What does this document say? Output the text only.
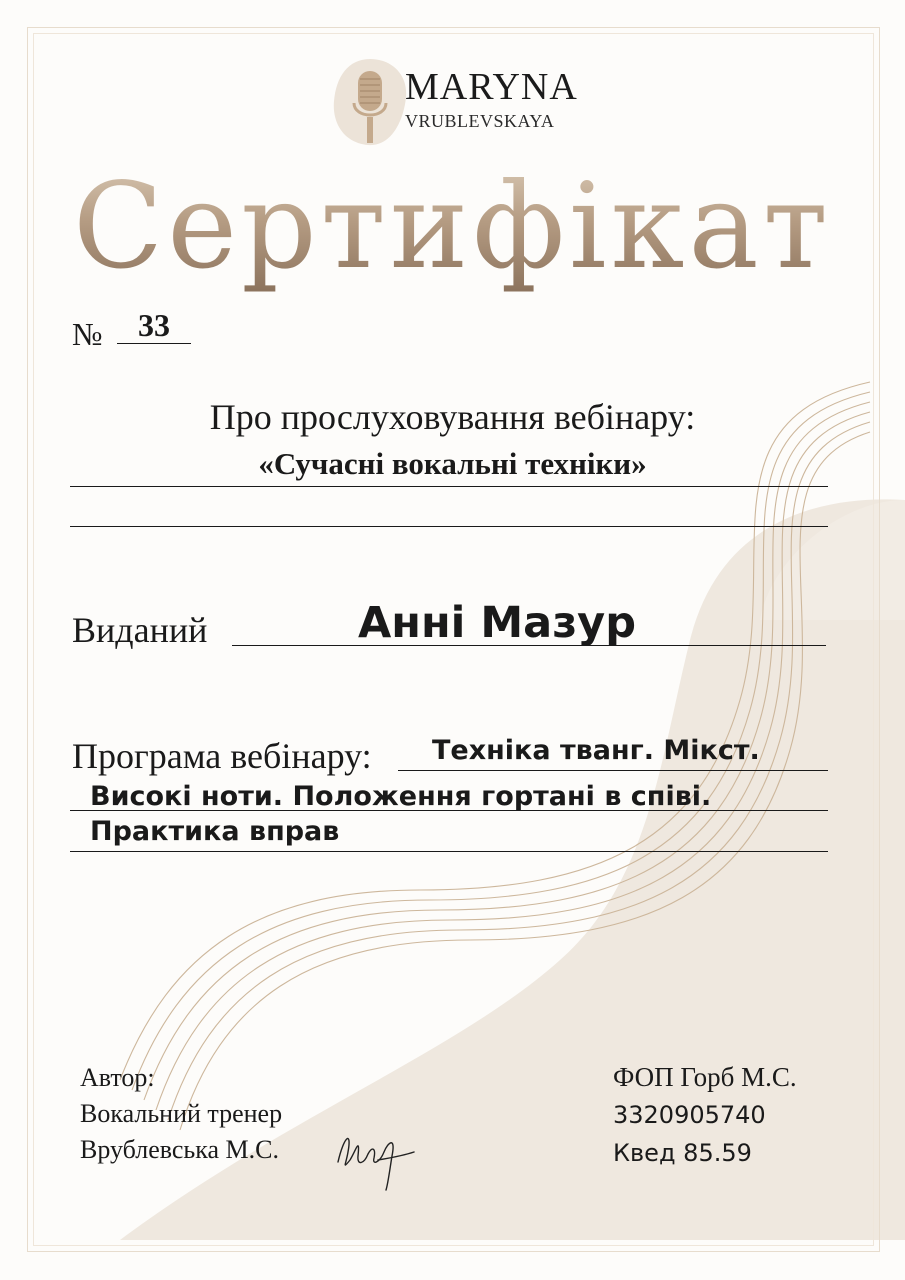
MARYNA
VRUBLEVSKAYA
Сертифікат
№	33
Про прослуховування вебінару:
«Сучасні вокальні техніки»
Виданий	Анні Мазур
Програма вебінару: Техніка тванг. Мікст.
Високі ноти. Положення гортані в співі.
Практика вправ
Автор:
Вокальний тренер
Врублевська М.С.
ФОП Горб М.С.
3320905740
Квед 85.59
